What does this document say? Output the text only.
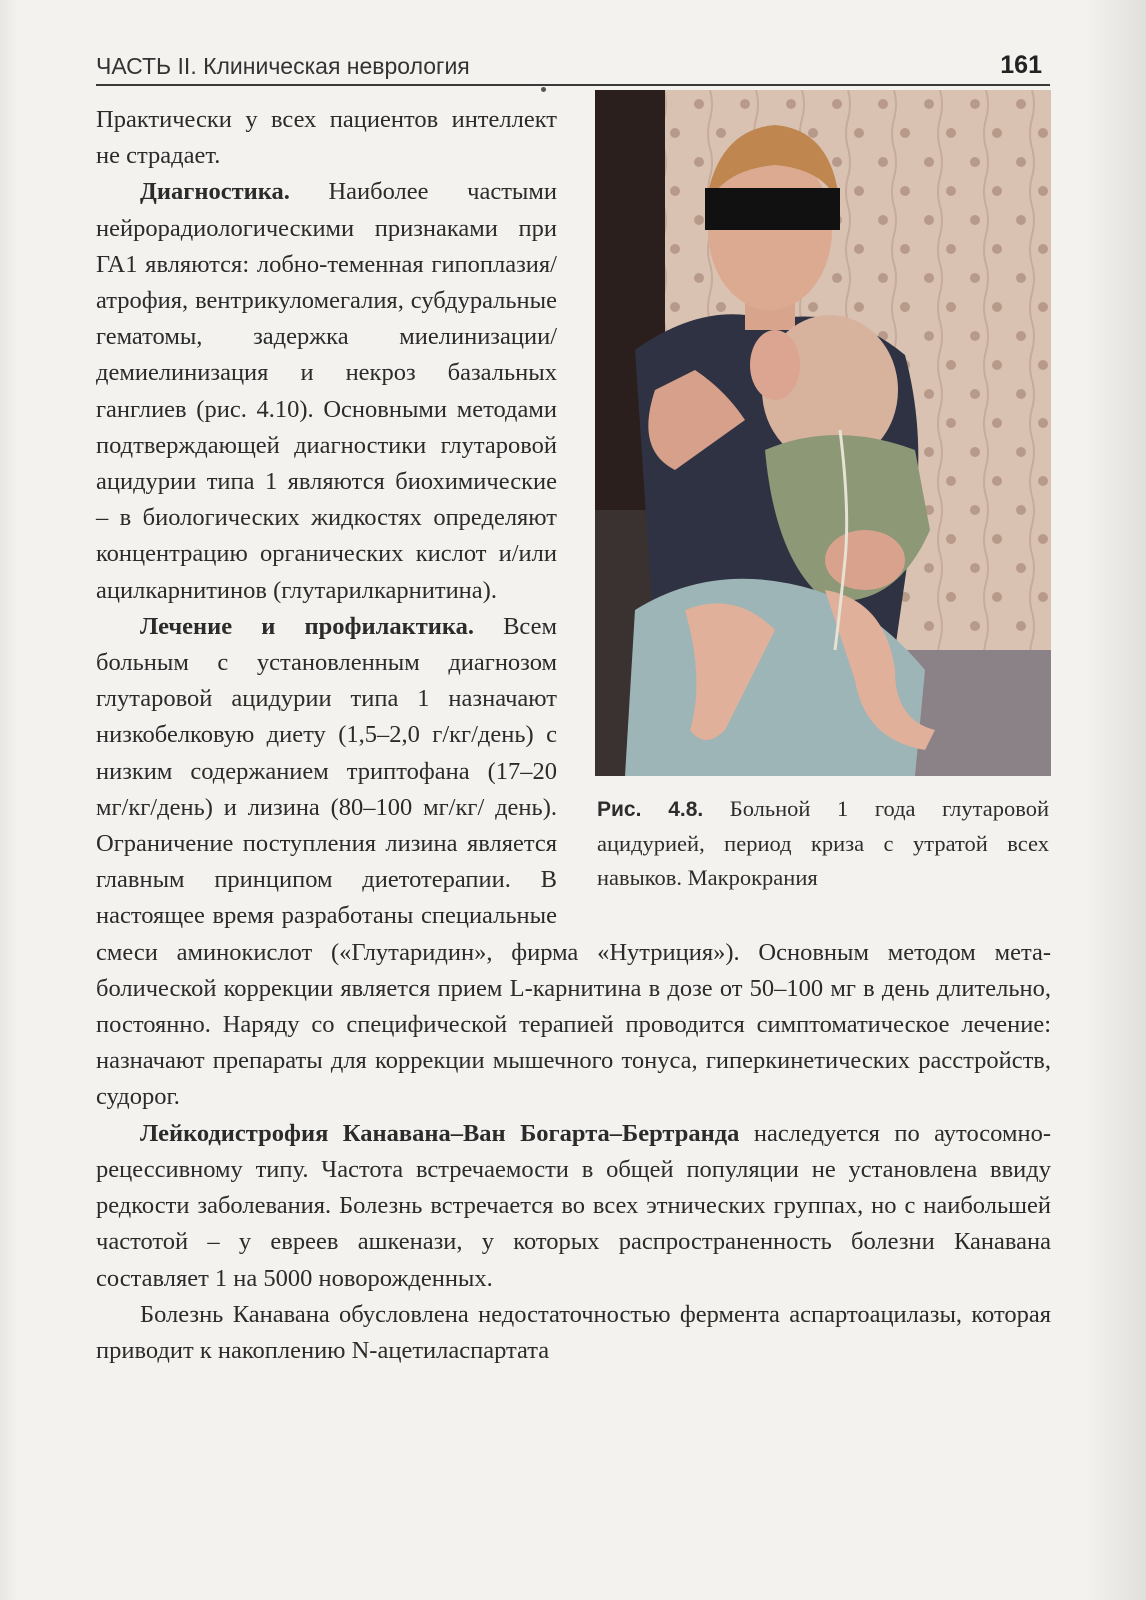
ЧАСТЬ II. Клиническая неврология	161
Рис. 4.8. Больной 1 года глутаровой ацидурией, период криза с утратой всех навыков. Макрокрания

Практически у всех пациентов интеллект не страдает.

Диагностика. Наиболее частыми нейрорадиологическими признаками при ГА1 являются: лобно-теменная гипоплазия/ атрофия, вентрикуломегалия, субдуральные гематомы, задержка миелинизации/демиелинизация и некроз базальных ганглиев (рис. 4.10). Основными методами подтверждающей диагностики глутаровой ацидурии типа 1 являются биохимические – в биологических жидкостях определяют концентрацию органических кислот и/или ацилкарнитинов (глутарилкарнитина).

Лечение и профилактика. Всем больным с установленным диагнозом глутаровой ацидурии типа 1 назначают низкобелковую диету (1,5–2,0 г/кг/день) с низким содержанием триптофана (17–20 мг/кг/день) и лизина (80–100 мг/кг/ день). Ограничение поступления лизина является главным принципом диетотерапии. В настоящее время разработаны специальные смеси аминокислот («Глутаридин», фирма «Нутриция»). Основным методом метаболической коррекции является прием L-карнитина в дозе от 50–100 мг в день длительно, постоянно. Наряду со специфической терапией проводится симптоматическое лечение: назначают препараты для коррекции мышечного тонуса, гиперкинетических расстройств, судорог.

Лейкодистрофия Канавана–Ван Богарта–Бертранда наследуется по аутосомно-рецессивному типу. Частота встречаемости в общей популяции не установлена ввиду редкости заболевания. Болезнь встречается во всех этнических группах, но с наибольшей частотой – у евреев ашкенази, у которых распространенность болезни Канавана составляет 1 на 5000 новорожденных.

Болезнь Канавана обусловлена недостаточностью фермента аспартоацилазы, которая приводит к накоплению N-ацетиласпартата
